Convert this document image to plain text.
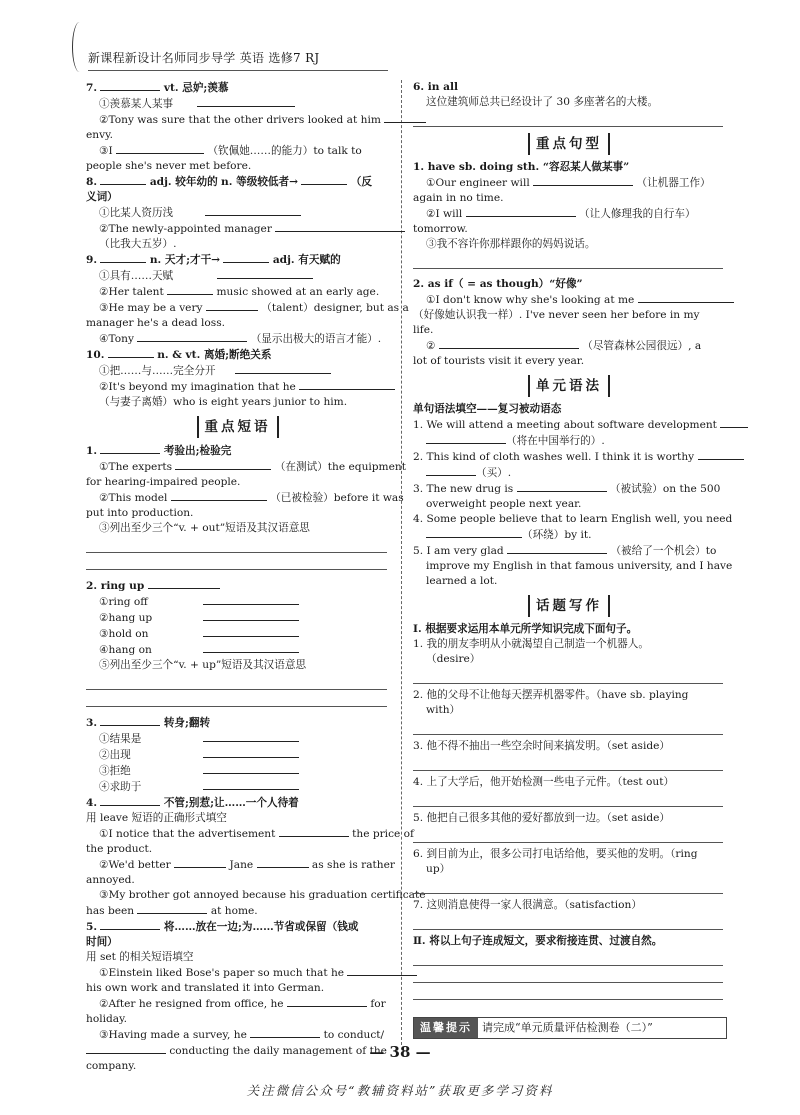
新课程新设计名师同步导学 英语 选修7 RJ
7.	vt. 忌妒;羡慕
①羡慕某人某事
②Tony was sure that the other drivers looked at him
envy.
③I	（钦佩她……的能力）to talk to
people she's never met before.
8.	adj. 较年幼的 n. 等级较低者→	（反
义词）
①比某人资历浅
②The newly-appointed manager
（比我大五岁）.
9.	n. 天才;才干→	adj. 有天赋的
①具有……天赋
②Her talent	music showed at an early age.
③He may be a very	（talent）designer, but as a
manager he's a dead loss.
④Tony	（显示出极大的语言才能）.
10.	n. & vt. 离婚;断绝关系
①把……与……完全分开
②It's beyond my imagination that he
（与妻子离婚）who is eight years junior to him.
重点短语
1.	考验出;检验完
①The experts	（在测试）the equipment
for hearing-impaired people.
②This model	（已被检验）before it was
put into production.
③列出至少三个“v. + out”短语及其汉语意思
2. ring up
①ring off
②hang up
③hold on
④hang on
⑤列出至少三个“v. + up”短语及其汉语意思
3.	转身;翻转
①结果是
②出现
③拒绝
④求助于
4.	不管;别惹;让……一个人待着
用 leave 短语的正确形式填空
①I notice that the advertisement	the price of
the product.
②We'd better	Jane	as she is rather
annoyed.
③My brother got annoyed because his graduation certificate
has been	at home.
5.	将……放在一边;为……节省或保留（钱或
时间）
用 set 的相关短语填空
①Einstein liked Bose's paper so much that he
his own work and translated it into German.
②After he resigned from office, he	for
holiday.
③Having made a survey, he	to conduct/
conducting the daily management of the
company.
6. in all
这位建筑师总共已经设计了 30 多座著名的大楼。
重点句型
1. have sb. doing sth. “容忍某人做某事”
①Our engineer will	（让机器工作）
again in no time.
②I will	（让人修理我的自行车）
tomorrow.
③我不容许你那样跟你的妈妈说话。
2. as if（ = as though）“好像”
①I don't know why she's looking at me
（好像她认识我一样）. I've never seen her before in my
life.
②	（尽管森林公园很远）, a
lot of tourists visit it every year.
单元语法
单句语法填空——复习被动语态
1. We will attend a meeting about software development
（将在中国举行的）.
2. This kind of cloth washes well. I think it is worthy
（买）.
3. The new drug is	（被试验）on the 500
overweight people next year.
4. Some people believe that to learn English well, you need
（环绕）by it.
5. I am very glad	（被给了一个机会）to
improve my English in that famous university, and I have
learned a lot.
话题写作
Ⅰ. 根据要求运用本单元所学知识完成下面句子。
1. 我的朋友李明从小就渴望自己制造一个机器人。
（desire）
2. 他的父母不让他每天摆弄机器零件。（have sb. playing
with）
3. 他不得不抽出一些空余时间来搞发明。（set aside）
4. 上了大学后，他开始检测一些电子元件。（test out）
5. 他把自己很多其他的爱好都放到一边。（set aside）
6. 到目前为止，很多公司打电话给他，要买他的发明。（ring
up）
7. 这则消息使得一家人很满意。（satisfaction）
Ⅱ. 将以上句子连成短文，要求衔接连贯、过渡自然。
温馨提示 请完成“单元质量评估检测卷（二）”
— 38 —
关注微信公众号“教辅资料站”获取更多学习资料
